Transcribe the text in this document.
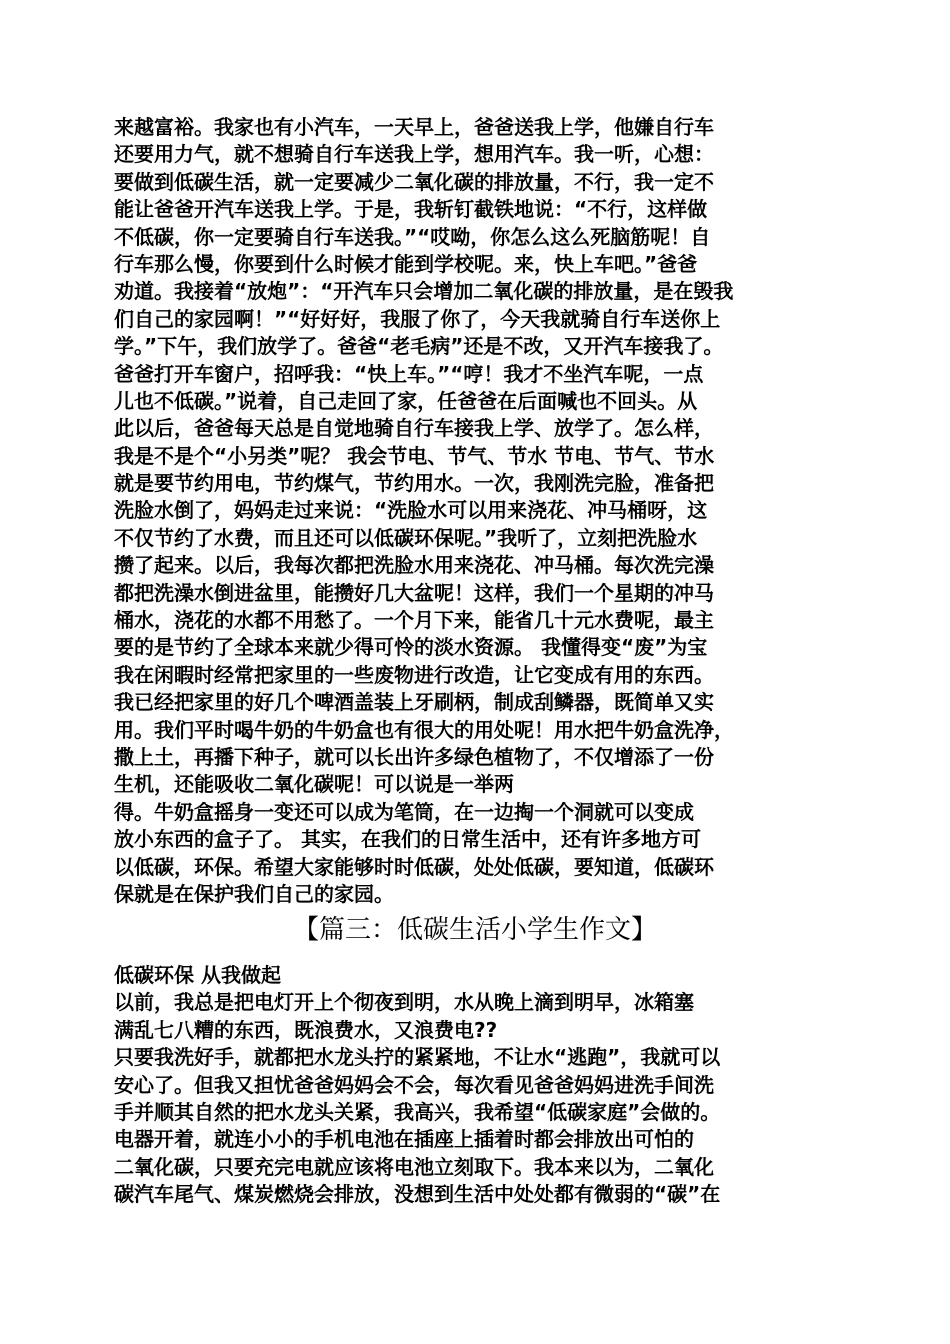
来越富裕。我家也有小汽车，一天早上，爸爸送我上学，他嫌自行车
还要用力气，就不想骑自行车送我上学，想用汽车。我一听，心想：
要做到低碳生活，就一定要减少二氧化碳的排放量，不行，我一定不
能让爸爸开汽车送我上学。于是，我斩钉截铁地说：“不行，这样做
不低碳，你一定要骑自行车送我。”“哎呦，你怎么这么死脑筋呢！自
行车那么慢，你要到什么时候才能到学校呢。来，快上车吧。”爸爸
劝道。我接着“放炮”：“开汽车只会增加二氧化碳的排放量，是在毁我
们自己的家园啊！”“好好好，我服了你了，今天我就骑自行车送你上
学。”下午，我们放学了。爸爸“老毛病”还是不改，又开汽车接我了。
爸爸打开车窗户，招呼我：“快上车。”“哼！我才不坐汽车呢，一点
儿也不低碳。”说着，自己走回了家，任爸爸在后面喊也不回头。从
此以后，爸爸每天总是自觉地骑自行车接我上学、放学了。怎么样，
我是不是个“小另类”呢？ 我会节电、节气、节水 节电、节气、节水
就是要节约用电，节约煤气，节约用水。一次，我刚洗完脸，准备把
洗脸水倒了，妈妈走过来说：“洗脸水可以用来浇花、冲马桶呀，这
不仅节约了水费，而且还可以低碳环保呢。”我听了，立刻把洗脸水
攒了起来。以后，我每次都把洗脸水用来浇花、冲马桶。每次洗完澡
都把洗澡水倒进盆里，能攒好几大盆呢！这样，我们一个星期的冲马
桶水，浇花的水都不用愁了。一个月下来，能省几十元水费呢，最主
要的是节约了全球本来就少得可怜的淡水资源。 我懂得变“废”为宝
我在闲暇时经常把家里的一些废物进行改造，让它变成有用的东西。
我已经把家里的好几个啤酒盖装上牙刷柄，制成刮鳞器，既简单又实
用。我们平时喝牛奶的牛奶盒也有很大的用处呢！用水把牛奶盒洗净，
撒上土，再播下种子，就可以长出许多绿色植物了，不仅增添了一份
生机，还能吸收二氧化碳呢！可以说是一举两
得。牛奶盒摇身一变还可以成为笔筒，在一边掏一个洞就可以变成
放小东西的盒子了。 其实，在我们的日常生活中，还有许多地方可
以低碳，环保。希望大家能够时时低碳，处处低碳，要知道，低碳环
保就是在保护我们自己的家园。
【篇三：低碳生活小学生作文】
低碳环保 从我做起
以前，我总是把电灯开上个彻夜到明，水从晚上滴到明早，冰箱塞
满乱七八糟的东西，既浪费水，又浪费电??
只要我洗好手，就都把水龙头拧的紧紧地，不让水“逃跑”，我就可以
安心了。但我又担忧爸爸妈妈会不会，每次看见爸爸妈妈进洗手间洗
手并顺其自然的把水龙头关紧，我高兴，我希望“低碳家庭”会做的。
电器开着，就连小小的手机电池在插座上插着时都会排放出可怕的
二氧化碳，只要充完电就应该将电池立刻取下。我本来以为，二氧化
碳汽车尾气、煤炭燃烧会排放，没想到生活中处处都有微弱的“碳”在
